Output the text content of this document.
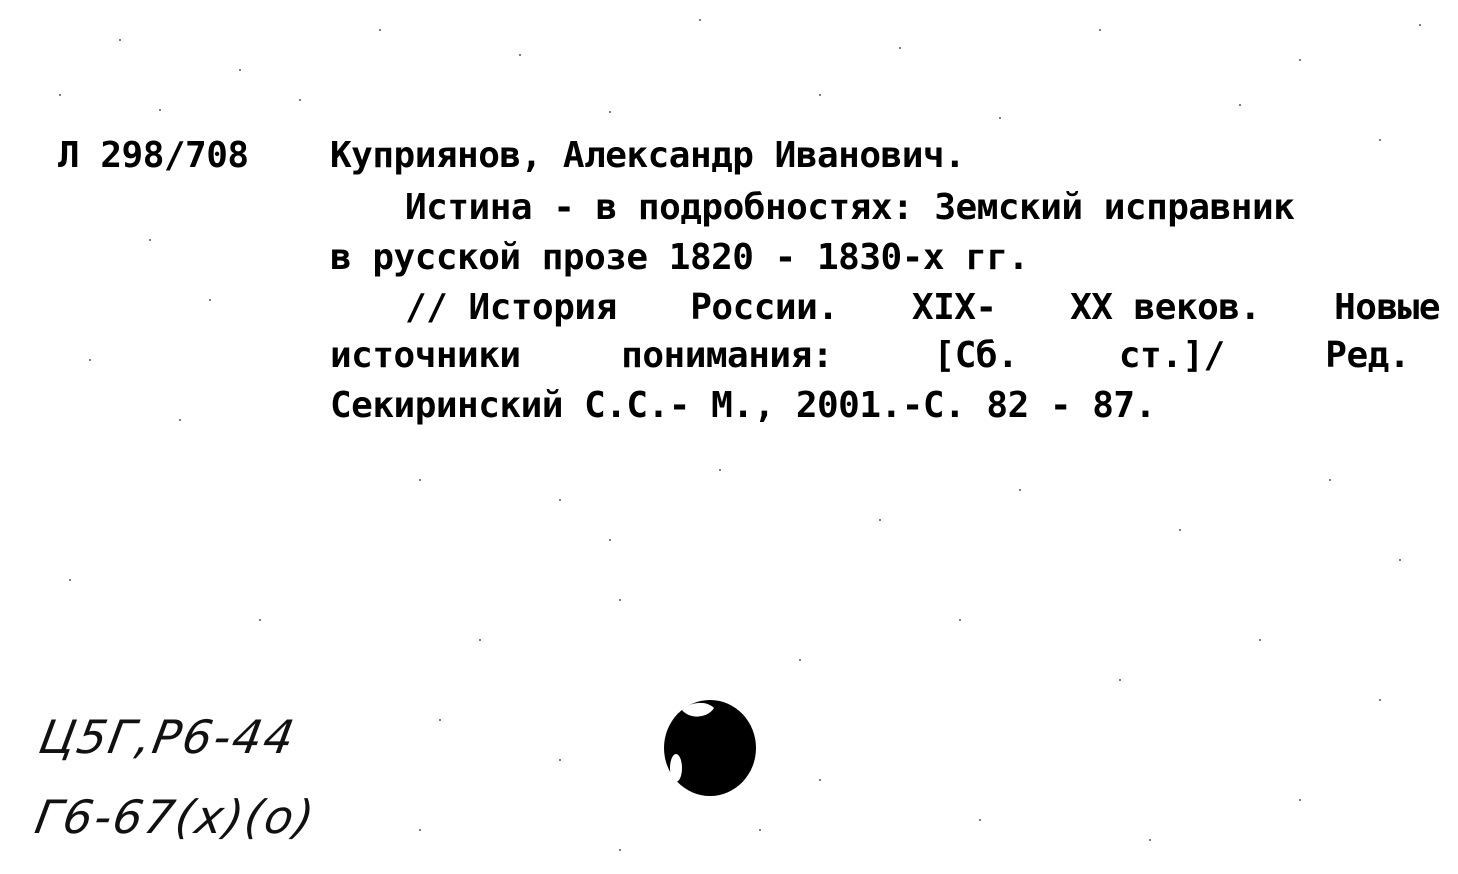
Л 298/708 Куприянов, Александр Иванович.
Истина - в подробностях: Земский исправник
в русской прозе 1820 - 1830-х гг.
// История России. XIX- XX веков. Новые
источники	понимания:	[Сб.	ст.]/	Ред.
Секиринский С.С.- М., 2001.-С. 82 - 87.
Ц5Г,Р6-44
Г6-67(х)(о)
